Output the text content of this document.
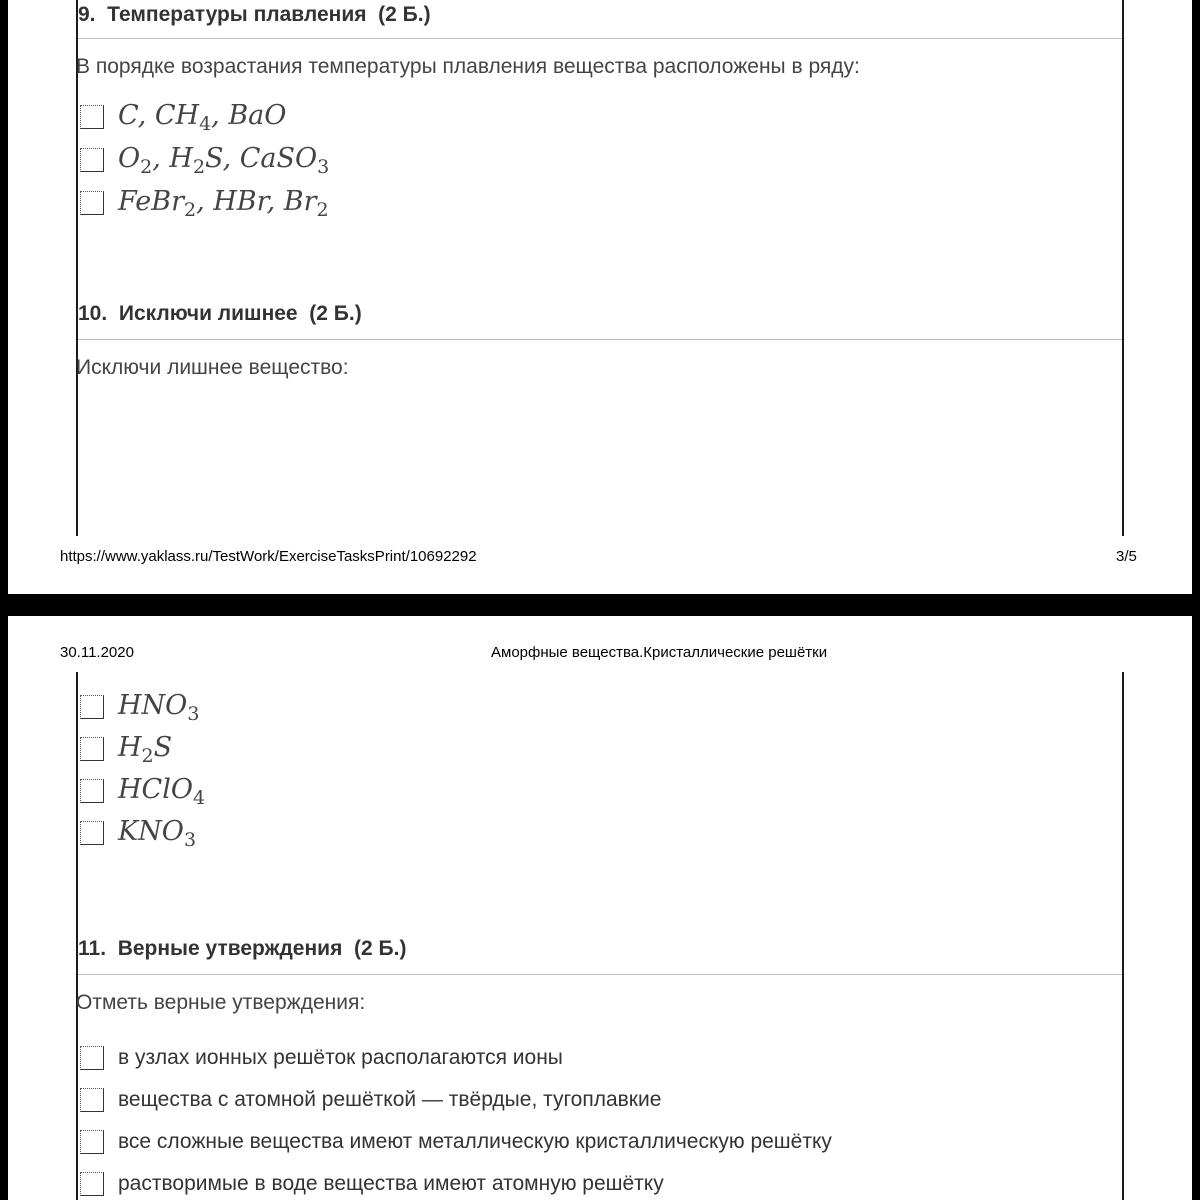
9.  Температуры плавления  (2 Б.)
В порядке возрастания температуры плавления вещества расположены в ряду:
C, $CH_4$, BaO
$O_2$, $H_2S$, CaSO$_3$
FeBr$_2$, HBr, $Br_2$
10.  Исключи лишнее  (2 Б.)
Исключи лишнее вещество:
https://www.yaklass.ru/TestWork/ExerciseTasksPrint/10692292	3/5
30.11.2020	Аморфные вещества.Кристаллические решётки
$HNO_3$
$H_2S$
HClO$_4$
$KNO_3$
11.  Верные утверждения  (2 Б.)
Отметь верные утверждения:
в узлах ионных решёток располагаются ионы
вещества с атомной решёткой — твёрдые, тугоплавкие
все сложные вещества имеют металлическую кристаллическую решётку
растворимые в воде вещества имеют атомную решётку
